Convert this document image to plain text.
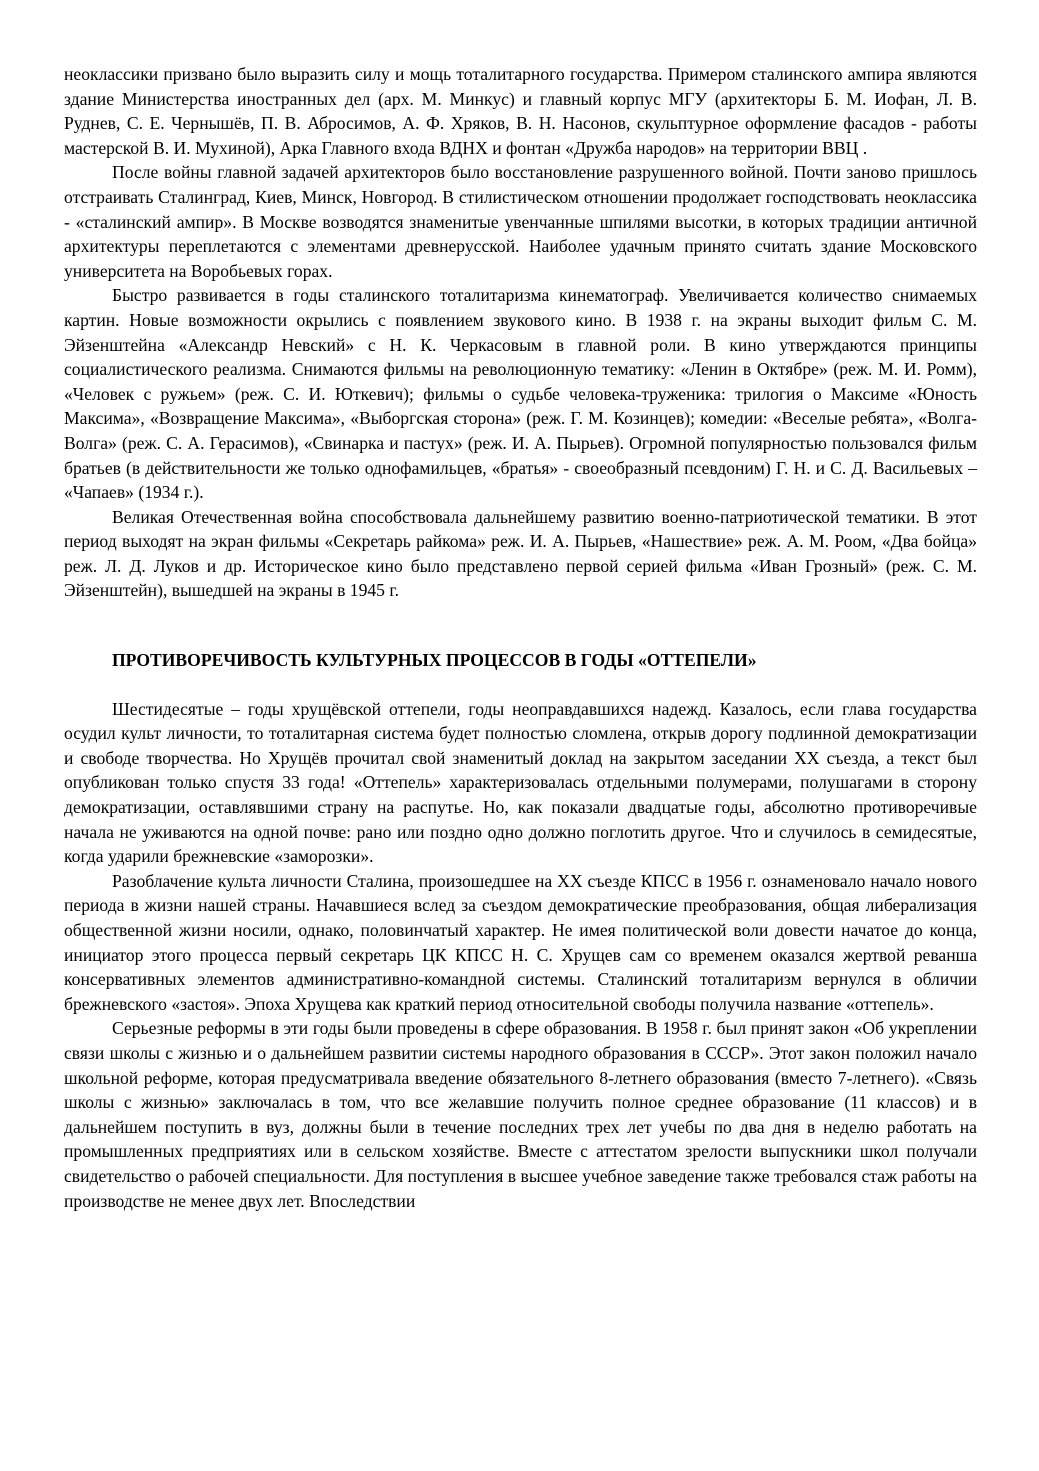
неоклассики призвано было выразить силу и мощь тоталитарного государства. Примером сталинского ампира являются здание Министерства иностранных дел (арх. М. Минкус) и главный корпус МГУ (архитекторы Б. М. Иофан, Л. В. Руднев, С. Е. Чернышёв, П. В. Абросимов, А. Ф. Хряков, В. Н. Насонов, скульптурное оформление фасадов - работы мастерской В. И. Мухиной), Арка Главного входа ВДНХ и фонтан «Дружба народов» на территории ВВЦ .

После войны главной задачей архитекторов было восстановление разрушенного войной. Почти заново пришлось отстраивать Сталинград, Киев, Минск, Новгород. В стилистическом отношении продолжает господствовать неоклассика - «сталинский ампир». В Москве возводятся знаменитые увенчанные шпилями высотки, в которых традиции античной архитектуры переплетаются с элементами древнерусской. Наиболее удачным принято считать здание Московского университета на Воробьевых горах.

Быстро развивается в годы сталинского тоталитаризма кинематограф. Увеличивается количество снимаемых картин. Новые возможности окрылись с появлением звукового кино. В 1938 г. на экраны выходит фильм С. М. Эйзенштейна «Александр Невский» с Н. К. Черкасовым в главной роли. В кино утверждаются принципы социалистического реализма. Снимаются фильмы на революционную тематику: «Ленин в Октябре» (реж. М. И. Ромм), «Человек с ружьем» (реж. С. И. Юткевич); фильмы о судьбе человека-труженика: трилогия о Максиме «Юность Максима», «Возвращение Максима», «Выборгская сторона» (реж. Г. М. Козинцев); комедии: «Веселые ребята», «Волга-Волга» (реж. С. А. Герасимов), «Свинарка и пастух» (реж. И. А. Пырьев). Огромной популярностью пользовался фильм братьев (в действительности же только однофамильцев, «братья» - своеобразный псевдоним) Г. Н. и С. Д. Васильевых – «Чапаев» (1934 г.).

Великая Отечественная война способствовала дальнейшему развитию военно-патриотической тематики. В этот период выходят на экран фильмы «Секретарь райкома» реж. И. А. Пырьев, «Нашествие» реж. А. М. Роом, «Два бойца» реж. Л. Д. Луков и др. Историческое кино было представлено первой серией фильма «Иван Грозный» (реж. С. М. Эйзенштейн), вышедшей на экраны в 1945 г.

ПРОТИВОРЕЧИВОСТЬ КУЛЬТУРНЫХ ПРОЦЕССОВ В ГОДЫ «ОТТЕПЕЛИ»

Шестидесятые – годы хрущёвской оттепели, годы неоправдавшихся надежд. Казалось, если глава государства осудил культ личности, то тоталитарная система будет полностью сломлена, открыв дорогу подлинной демократизации и свободе творчества. Но Хрущёв прочитал свой знаменитый доклад на закрытом заседании XX съезда, а текст был опубликован только спустя 33 года! «Оттепель» характеризовалась отдельными полумерами, полушагами в сторону демократизации, оставлявшими страну на распутье. Но, как показали двадцатые годы, абсолютно противоречивые начала не уживаются на одной почве: рано или поздно одно должно поглотить другое. Что и случилось в семидесятые, когда ударили брежневские «заморозки».

Разоблачение культа личности Сталина, произошедшее на XX съезде КПСС в 1956 г. ознаменовало начало нового периода в жизни нашей страны. Начавшиеся вслед за съездом демократические преобразования, общая либерализация общественной жизни носили, однако, половинчатый характер. Не имея политической воли довести начатое до конца, инициатор этого процесса первый секретарь ЦК КПСС Н. С. Хрущев сам со временем оказался жертвой реванша консервативных элементов административно-командной системы. Сталинский тоталитаризм вернулся в обличии брежневского «застоя». Эпоха Хрущева как краткий период относительной свободы получила название «оттепель».

Серьезные реформы в эти годы были проведены в сфере образования. В 1958 г. был принят закон «Об укреплении связи школы с жизнью и о дальнейшем развитии системы народного образования в СССР». Этот закон положил начало школьной реформе, которая предусматривала введение обязательного 8-летнего образования (вместо 7-летнего). «Связь школы с жизнью» заключалась в том, что все желавшие получить полное среднее образование (11 классов) и в дальнейшем поступить в вуз, должны были в течение последних трех лет учебы по два дня в неделю работать на промышленных предприятиях или в сельском хозяйстве. Вместе с аттестатом зрелости выпускники школ получали свидетельство о рабочей специальности. Для поступления в высшее учебное заведение также требовался стаж работы на производстве не менее двух лет. Впоследствии
